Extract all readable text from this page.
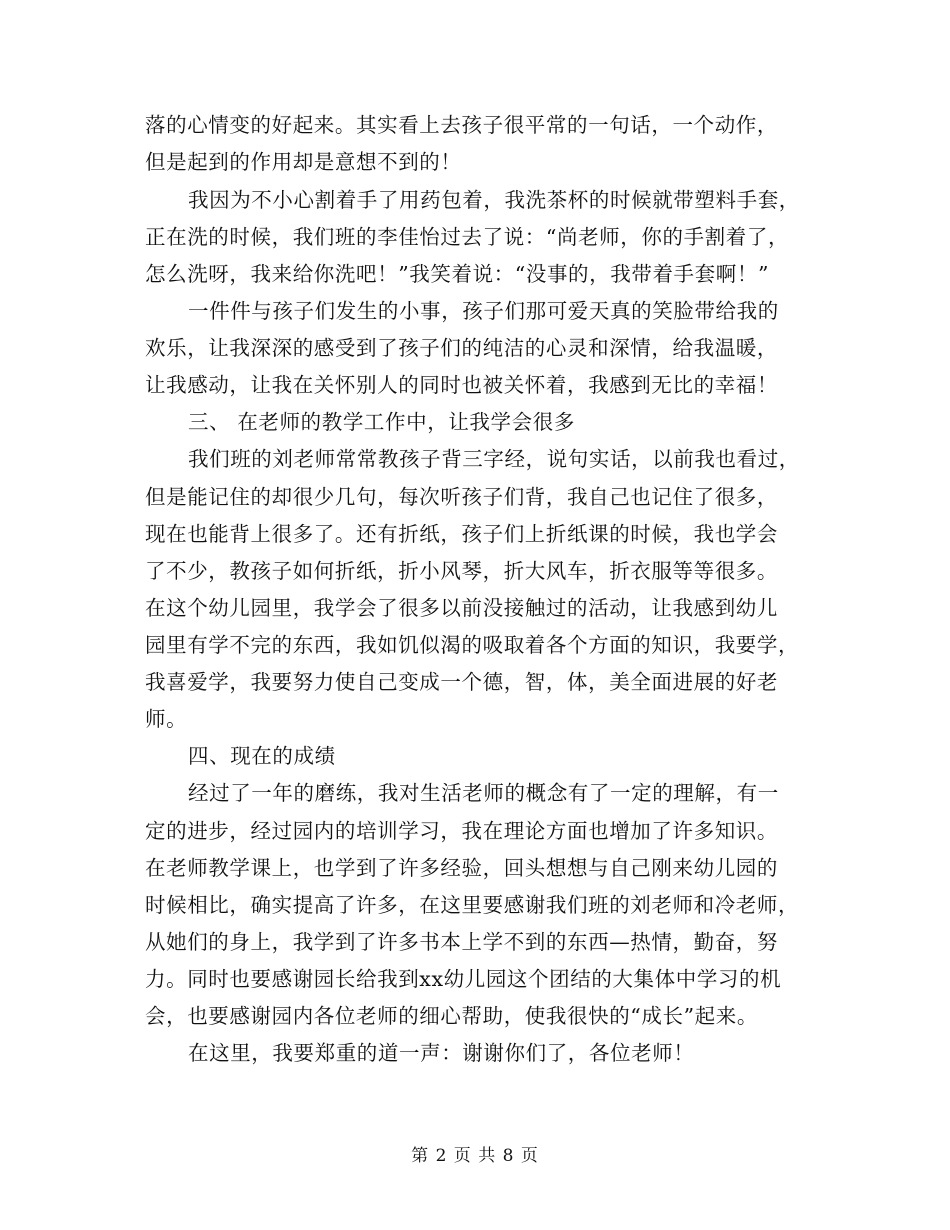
落的心情变的好起来。其实看上去孩子很平常的一句话，一个动作，
但是起到的作用却是意想不到的！
我因为不小心割着手了用药包着，我洗茶杯的时候就带塑料手套，
正在洗的时候，我们班的李佳怡过去了说：“尚老师，你的手割着了，
怎么洗呀，我来给你洗吧！”我笑着说：“没事的，我带着手套啊！”
一件件与孩子们发生的小事，孩子们那可爱天真的笑脸带给我的
欢乐，让我深深的感受到了孩子们的纯洁的心灵和深情，给我温暖，
让我感动，让我在关怀别人的同时也被关怀着，我感到无比的幸福！
三、 在老师的教学工作中，让我学会很多
我们班的刘老师常常教孩子背三字经，说句实话，以前我也看过，
但是能记住的却很少几句，每次听孩子们背，我自己也记住了很多，
现在也能背上很多了。还有折纸，孩子们上折纸课的时候，我也学会
了不少，教孩子如何折纸，折小风琴，折大风车，折衣服等等很多。
在这个幼儿园里，我学会了很多以前没接触过的活动，让我感到幼儿
园里有学不完的东西，我如饥似渴的吸取着各个方面的知识，我要学，
我喜爱学，我要努力使自己变成一个德，智，体，美全面进展的好老
师。
四、现在的成绩
经过了一年的磨练，我对生活老师的概念有了一定的理解，有一
定的进步，经过园内的培训学习，我在理论方面也增加了许多知识。
在老师教学课上，也学到了许多经验，回头想想与自己刚来幼儿园的
时候相比，确实提高了许多，在这里要感谢我们班的刘老师和冷老师，
从她们的身上，我学到了许多书本上学不到的东西—热情，勤奋，努
力。同时也要感谢园长给我到xx幼儿园这个团结的大集体中学习的机
会，也要感谢园内各位老师的细心帮助，使我很快的“成长”起来。
在这里，我要郑重的道一声：谢谢你们了，各位老师！
第 2 页 共 8 页
